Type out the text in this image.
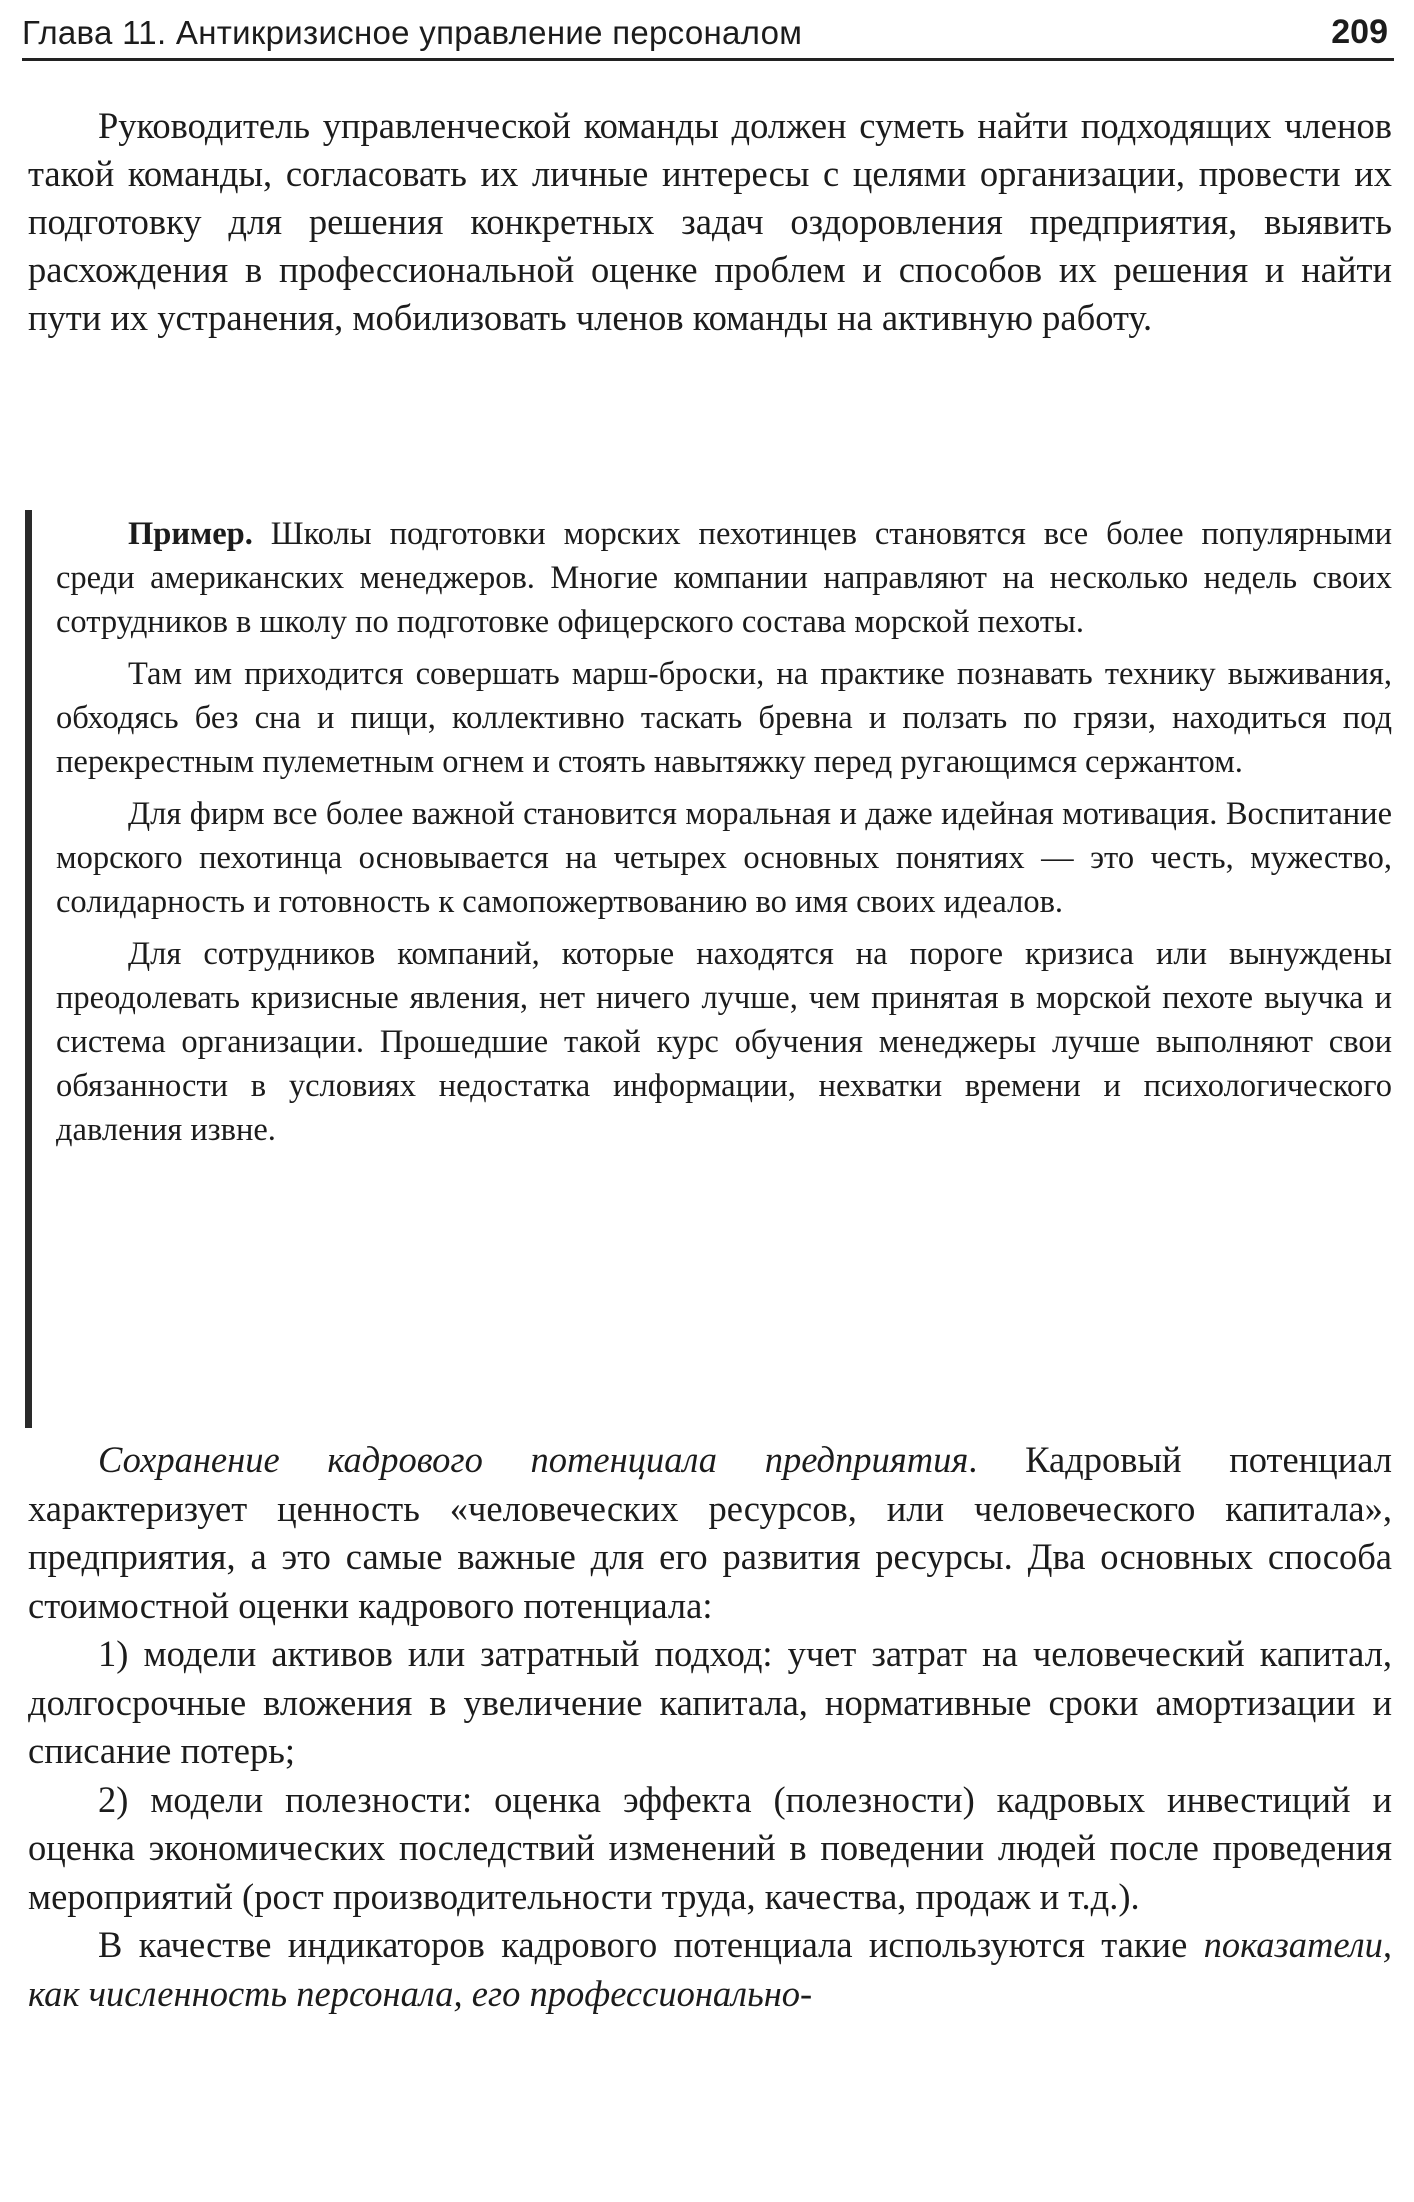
Глава 11. Антикризисное управление персоналом	209

Руководитель управленческой команды должен суметь найти подходящих членов такой команды, согласовать их личные интересы с целями организации, провести их подготовку для решения конкретных задач оздоровления предприятия, выявить расхождения в профессиональной оценке проблем и способов их решения и найти пути их устранения, мобилизовать членов команды на активную работу.

Пример. Школы подготовки морских пехотинцев становятся все более популярными среди американских менеджеров. Многие компании направляют на несколько недель своих сотрудников в школу по подготовке офицерского состава морской пехоты.

Там им приходится совершать марш-броски, на практике познавать технику выживания, обходясь без сна и пищи, коллективно таскать бревна и ползать по грязи, находиться под перекрестным пулеметным огнем и стоять навытяжку перед ругающимся сержантом.

Для фирм все более важной становится моральная и даже идейная мотивация. Воспитание морского пехотинца основывается на четырех основных понятиях — это честь, мужество, солидарность и готовность к самопожертвованию во имя своих идеалов.

Для сотрудников компаний, которые находятся на пороге кризиса или вынуждены преодолевать кризисные явления, нет ничего лучше, чем принятая в морской пехоте выучка и система организации. Прошедшие такой курс обучения менеджеры лучше выполняют свои обязанности в условиях недостатка информации, нехватки времени и психологического давления извне.

Сохранение кадрового потенциала предприятия. Кадровый потенциал характеризует ценность «человеческих ресурсов, или человеческого капитала», предприятия, а это самые важные для его развития ресурсы. Два основных способа стоимостной оценки кадрового потенциала:

1) модели активов или затратный подход: учет затрат на человеческий капитал, долгосрочные вложения в увеличение капитала, нормативные сроки амортизации и списание потерь;

2) модели полезности: оценка эффекта (полезности) кадровых инвестиций и оценка экономических последствий изменений в поведении людей после проведения мероприятий (рост производительности труда, качества, продаж и т.д.).

В качестве индикаторов кадрового потенциала используются такие показатели, как численность персонала, его профессионально-
